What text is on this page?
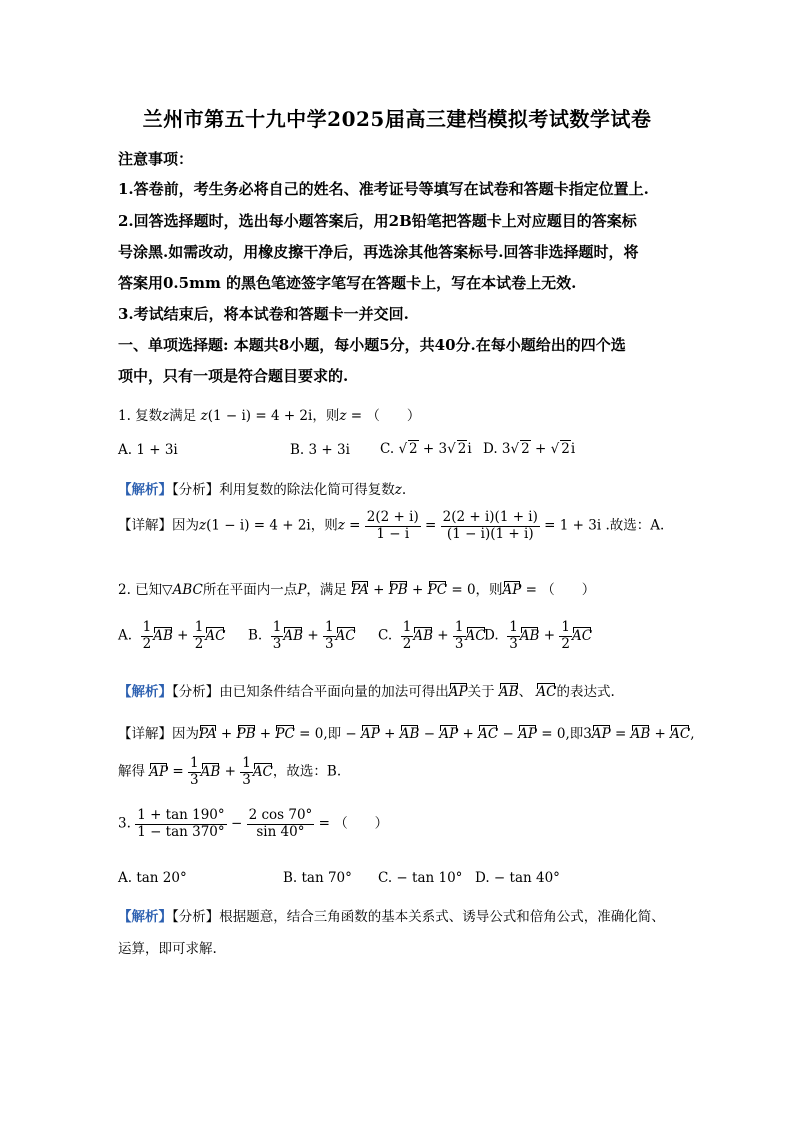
兰州市第五十九中学2025届高三建档模拟考试数学试卷
注意事项：
1.答卷前，考生务必将自己的姓名、准考证号等填写在试卷和答题卡指定位置上.
2.回答选择题时，选出每小题答案后，用2B铅笔把答题卡上对应题目的答案标
号涂黑.如需改动，用橡皮擦干净后，再选涂其他答案标号.回答非选择题时，将
答案用0.5mm 的黑色笔迹签字笔写在答题卡上，写在本试卷上无效.
3.考试结束后，将本试卷和答题卡一并交回.
一、单项选择题: 本题共8小题，每小题5分，共40分.在每小题给出的四个选
项中，只有一项是符合题目要求的.
1. 复数z满足 z(1 − i) = 4 + 2i，则z = （　　）
A. 1 + 3i	B. 3 + 3i C. √ 2 + 3 √ 2i D. 3 √ 2 + √ 2i
【解析】【分析】利用复数的除法化简可得复数z.
【详解】因为z(1 − i) = 4 + 2i，则$z = \frac{2(2 + i)}{1 - i} = \frac{2(2 + i)(1 + i)}{(1 - i)(1 + i)} = 1 + 3i$ .故选：A.
2. 已知▽ABC所在平面内一点P，满足 PA + PB + PC = 0，则AP = （　　）
A. $\frac{1}{2}$ AB + $\frac{1}{2}$ AC B. $\frac{1}{3}$ AB + $\frac{1}{3}$ AC C. $\frac{1}{2}$ AB + $\frac{1}{3}$ AC
D. $\frac{1}{3}$ AB + $\frac{1}{2}$ AC
【解析】【分析】由已知条件结合平面向量的加法可得出AP关于 AB、 AC的表达式.
【详解】因为PA + PB + PC = 0,即 − AP + AB − AP + AC − AP = 0,即3AP = AB + AC,
解得 AP = $\frac{1}{3}$ AB + $\frac{1}{3}$ AC，故选：B.
3. $\frac{1 + \tan 190^\circ}{1 - \tan 370^\circ} - \frac{2 \cos 70^\circ}{\sin 40^\circ}$ = （　　）
A. tan 20°	B. tan 70° C. − tan 10° D. − tan 40°
【解析】【分析】根据题意，结合三角函数的基本关系式、诱导公式和倍角公式，准确化简、
运算，即可求解.
